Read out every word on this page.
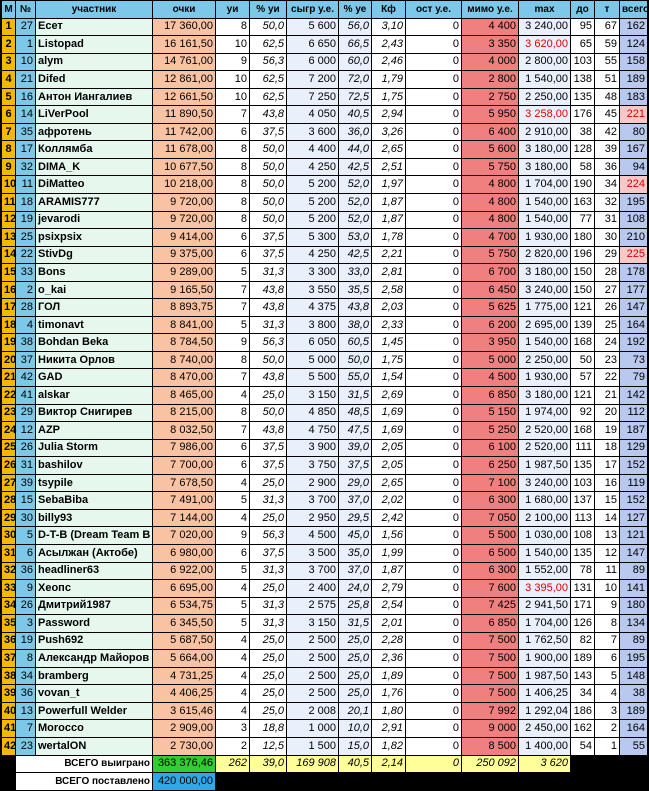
M	№	участник	очки	уи	% уи	сыгр у.е.	% уе	Кф	ост у.е.	мимо у.е.	max	до	т	всего
1	27	Есет	17 360,00	8	50,0	5 600	56,0	3,10	0	4 400	3 240,00	95	67	162
2	1	Listopad	16 161,50	10	62,5	6 650	66,5	2,43	0	3 350	3 620,00	65	59	124
3	10	alym	14 761,00	9	56,3	6 000	60,0	2,46	0	4 000	2 800,00	103	55	158
4	21	Difed	12 861,00	10	62,5	7 200	72,0	1,79	0	2 800	1 540,00	138	51	189
5	16	Антон Иангалиев	12 661,50	10	62,5	7 250	72,5	1,75	0	2 750	2 250,00	135	48	183
6	14	LiVerPool	11 890,50	7	43,8	4 050	40,5	2,94	0	5 950	3 258,00	176	45	221
7	35	афротень	11 742,00	6	37,5	3 600	36,0	3,26	0	6 400	2 910,00	38	42	80
8	17	Коллямба	11 678,00	8	50,0	4 400	44,0	2,65	0	5 600	3 180,00	128	39	167
9	32	DIMA_K	10 677,50	8	50,0	4 250	42,5	2,51	0	5 750	3 180,00	58	36	94
10	11	DiMatteo	10 218,00	8	50,0	5 200	52,0	1,97	0	4 800	1 704,00	190	34	224
11	18	ARAMIS777	9 720,00	8	50,0	5 200	52,0	1,87	0	4 800	1 540,00	163	32	195
12	19	jevarodi	9 720,00	8	50,0	5 200	52,0	1,87	0	4 800	1 540,00	77	31	108
13	25	psixpsix	9 414,00	6	37,5	5 300	53,0	1,78	0	4 700	1 930,00	180	30	210
14	22	StivDg	9 375,00	6	37,5	4 250	42,5	2,21	0	5 750	2 820,00	196	29	225
15	33	Bons	9 289,00	5	31,3	3 300	33,0	2,81	0	6 700	3 180,00	150	28	178
16	2	o_kai	9 165,50	7	43,8	3 550	35,5	2,58	0	6 450	3 240,00	150	27	177
17	28	ГОЛ	8 893,75	7	43,8	4 375	43,8	2,03	0	5 625	1 775,00	121	26	147
18	4	timonavt	8 841,00	5	31,3	3 800	38,0	2,33	0	6 200	2 695,00	139	25	164
19	38	Bohdan Beka	8 784,50	9	56,3	6 050	60,5	1,45	0	3 950	1 540,00	168	24	192
20	37	Никита Орлов	8 740,00	8	50,0	5 000	50,0	1,75	0	5 000	2 250,00	50	23	73
21	42	GAD	8 470,00	7	43,8	5 500	55,0	1,54	0	4 500	1 930,00	57	22	79
22	41	alskar	8 465,00	4	25,0	3 150	31,5	2,69	0	6 850	3 180,00	121	21	142
23	29	Виктор Снигирев	8 215,00	8	50,0	4 850	48,5	1,69	0	5 150	1 974,00	92	20	112
24	12	AZP	8 032,50	7	43,8	4 750	47,5	1,69	0	5 250	2 520,00	168	19	187
25	26	Julia Storm	7 986,00	6	37,5	3 900	39,0	2,05	0	6 100	2 520,00	111	18	129
26	31	bashilov	7 700,00	6	37,5	3 750	37,5	2,05	0	6 250	1 987,50	135	17	152
27	39	tsypile	7 678,50	4	25,0	2 900	29,0	2,65	0	7 100	3 240,00	103	16	119
28	15	SebaBiba	7 491,00	5	31,3	3 700	37,0	2,02	0	6 300	1 680,00	137	15	152
29	30	billy93	7 144,00	4	25,0	2 950	29,5	2,42	0	7 050	2 100,00	113	14	127
30	5	D-T-B (Dream Team B	7 020,00	9	56,3	4 500	45,0	1,56	0	5 500	1 030,00	108	13	121
31	6	Асылжан (Актобе)	6 980,00	6	37,5	3 500	35,0	1,99	0	6 500	1 540,00	135	12	147
32	36	headliner63	6 922,00	5	31,3	3 700	37,0	1,87	0	6 300	1 552,00	78	11	89
33	9	Хеопс	6 695,00	4	25,0	2 400	24,0	2,79	0	7 600	3 395,00	131	10	141
34	26	Дмитрий1987	6 534,75	5	31,3	2 575	25,8	2,54	0	7 425	2 941,50	171	9	180
35	3	Password	6 345,50	5	31,3	3 150	31,5	2,01	0	6 850	1 704,00	126	8	134
36	19	Push692	5 687,50	4	25,0	2 500	25,0	2,28	0	7 500	1 762,50	82	7	89
37	8	Александр Майоров	5 664,00	4	25,0	2 500	25,0	2,36	0	7 500	1 900,00	189	6	195
38	34	bramberg	4 731,25	4	25,0	2 500	25,0	1,89	0	7 500	1 987,50	143	5	148
39	36	vovan_t	4 406,25	4	25,0	2 500	25,0	1,76	0	7 500	1 406,25	34	4	38
40	13	Powerfull Welder	3 615,46	4	25,0	2 008	20,1	1,80	0	7 992	1 292,04	186	3	189
41	7	Morocco	2 909,00	3	18,8	1 000	10,0	2,91	0	9 000	2 450,00	162	2	164
42	23	wertalON	2 730,00	2	12,5	1 500	15,0	1,82	0	8 500	1 400,00	54	1	55
	ВСЕГО выиграно		363 376,46	262	39,0	169 908	40,5	2,14	0	250 092	3 620			
	ВСЕГО поставлено		420 000,00											
